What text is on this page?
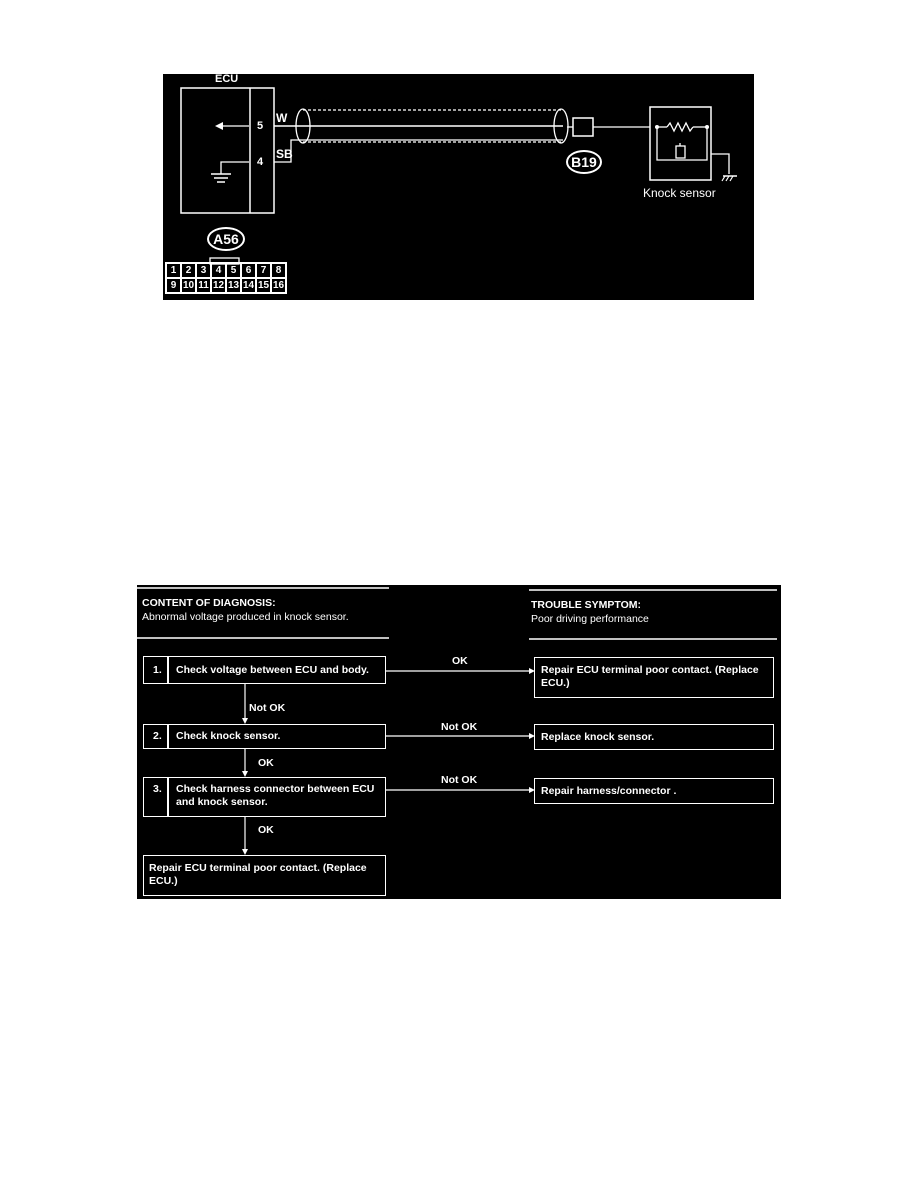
ECU
5
4
W
SB
A56
B19
Knock sensor
1	2	3	4	5	6	7	8
9	10	11	12	13	14	15	16
CONTENT OF DIAGNOSIS:
Abnormal voltage produced in knock sensor.
TROUBLE SYMPTOM:
Poor driving performance
1. Check voltage between ECU and body.
2. Check knock sensor.
3. Check harness connector between ECU and knock sensor.
Repair ECU terminal poor contact. (Replace ECU.)
Repair ECU terminal poor contact. (Replace ECU.)
Replace knock sensor.
Repair harness/connector .
OK
Not OK
Not OK
Not OK
OK
OK
